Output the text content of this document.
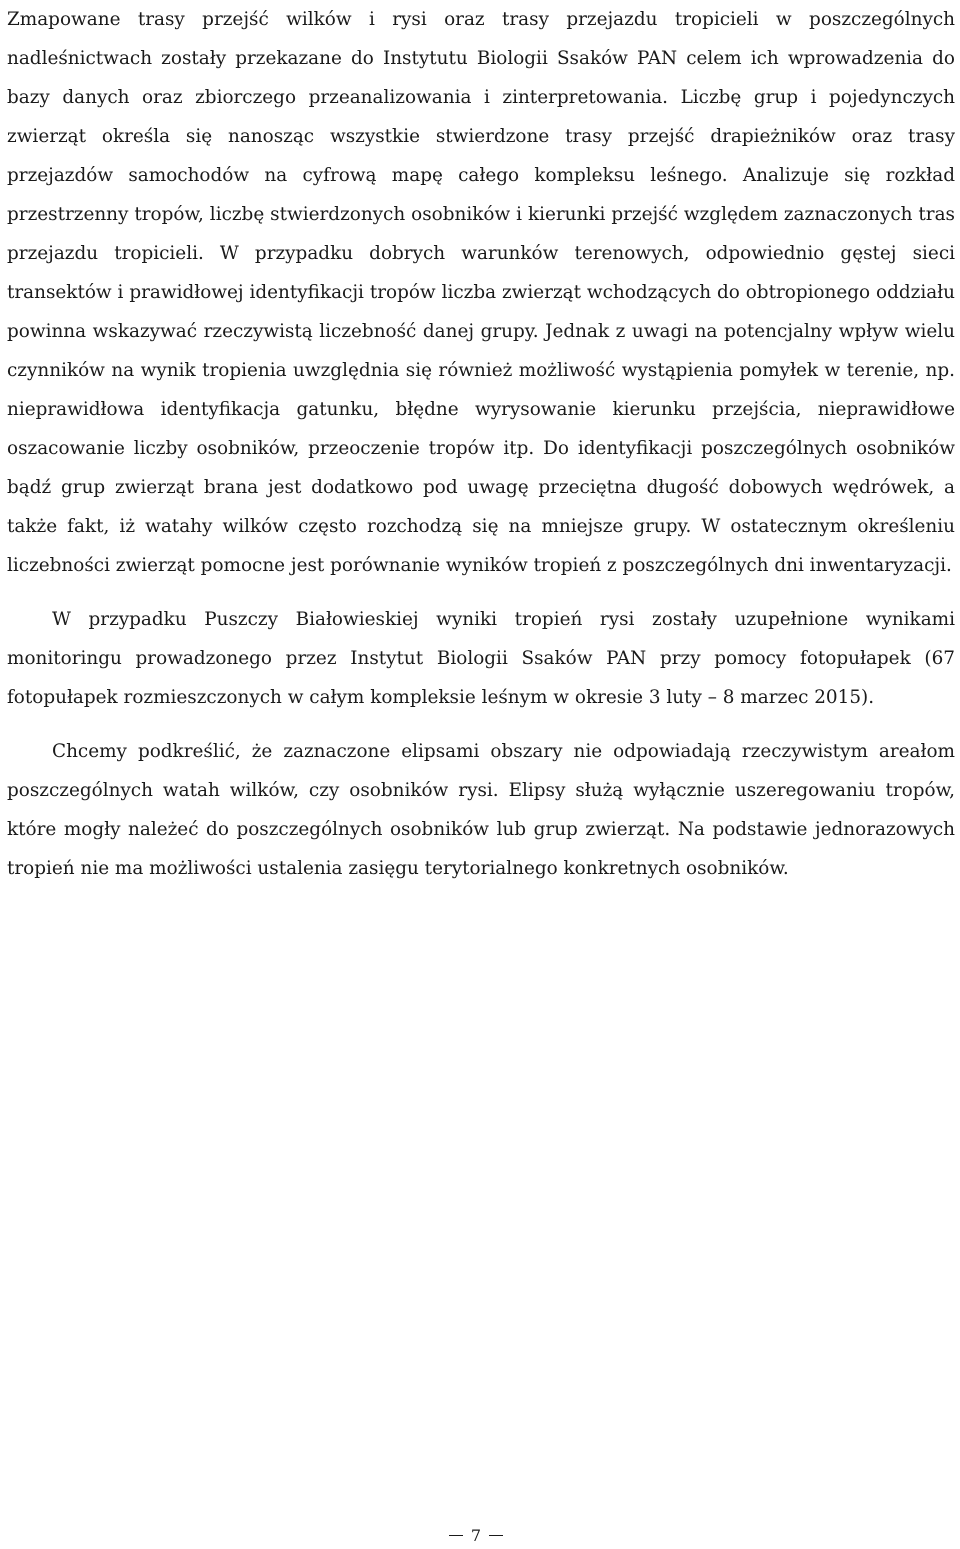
Zmapowane trasy przejść wilków i rysi oraz trasy przejazdu tropicieli w poszczególnych nadleśnictwach zostały przekazane do Instytutu Biologii Ssaków PAN celem ich wprowadzenia do bazy danych oraz zbiorczego przeanalizowania i zinterpretowania. Liczbę grup i pojedynczych zwierząt określa się nanosząc wszystkie stwierdzone trasy przejść drapieżników oraz trasy przejazdów samochodów na cyfrową mapę całego kompleksu leśnego. Analizuje się rozkład przestrzenny tropów, liczbę stwierdzonych osobników i kierunki przejść względem zaznaczonych tras przejazdu tropicieli. W przypadku dobrych warunków terenowych, odpowiednio gęstej sieci transektów i prawidłowej identyfikacji tropów liczba zwierząt wchodzących do obtropionego oddziału powinna wskazywać rzeczywistą liczebność danej grupy. Jednak z uwagi na potencjalny wpływ wielu czynników na wynik tropienia uwzględnia się również możliwość wystąpienia pomyłek w terenie, np. nieprawidłowa identyfikacja gatunku, błędne wyrysowanie kierunku przejścia, nieprawidłowe oszacowanie liczby osobników, przeoczenie tropów itp. Do identyfikacji poszczególnych osobników bądź grup zwierząt brana jest dodatkowo pod uwagę przeciętna długość dobowych wędrówek, a także fakt, iż watahy wilków często rozchodzą się na mniejsze grupy. W ostatecznym określeniu liczebności zwierząt pomocne jest porównanie wyników tropień z poszczególnych dni inwentaryzacji.

W przypadku Puszczy Białowieskiej wyniki tropień rysi zostały uzupełnione wynikami monitoringu prowadzonego przez Instytut Biologii Ssaków PAN przy pomocy fotopułapek (67 fotopułapek rozmieszczonych w całym kompleksie leśnym w okresie 3 luty – 8 marzec 2015).

Chcemy podkreślić, że zaznaczone elipsami obszary nie odpowiadają rzeczywistym areałom poszczególnych watah wilków, czy osobników rysi. Elipsy służą wyłącznie uszeregowaniu tropów, które mogły należeć do poszczególnych osobników lub grup zwierząt. Na podstawie jednorazowych tropień nie ma możliwości ustalenia zasięgu terytorialnego konkretnych osobników.

7
